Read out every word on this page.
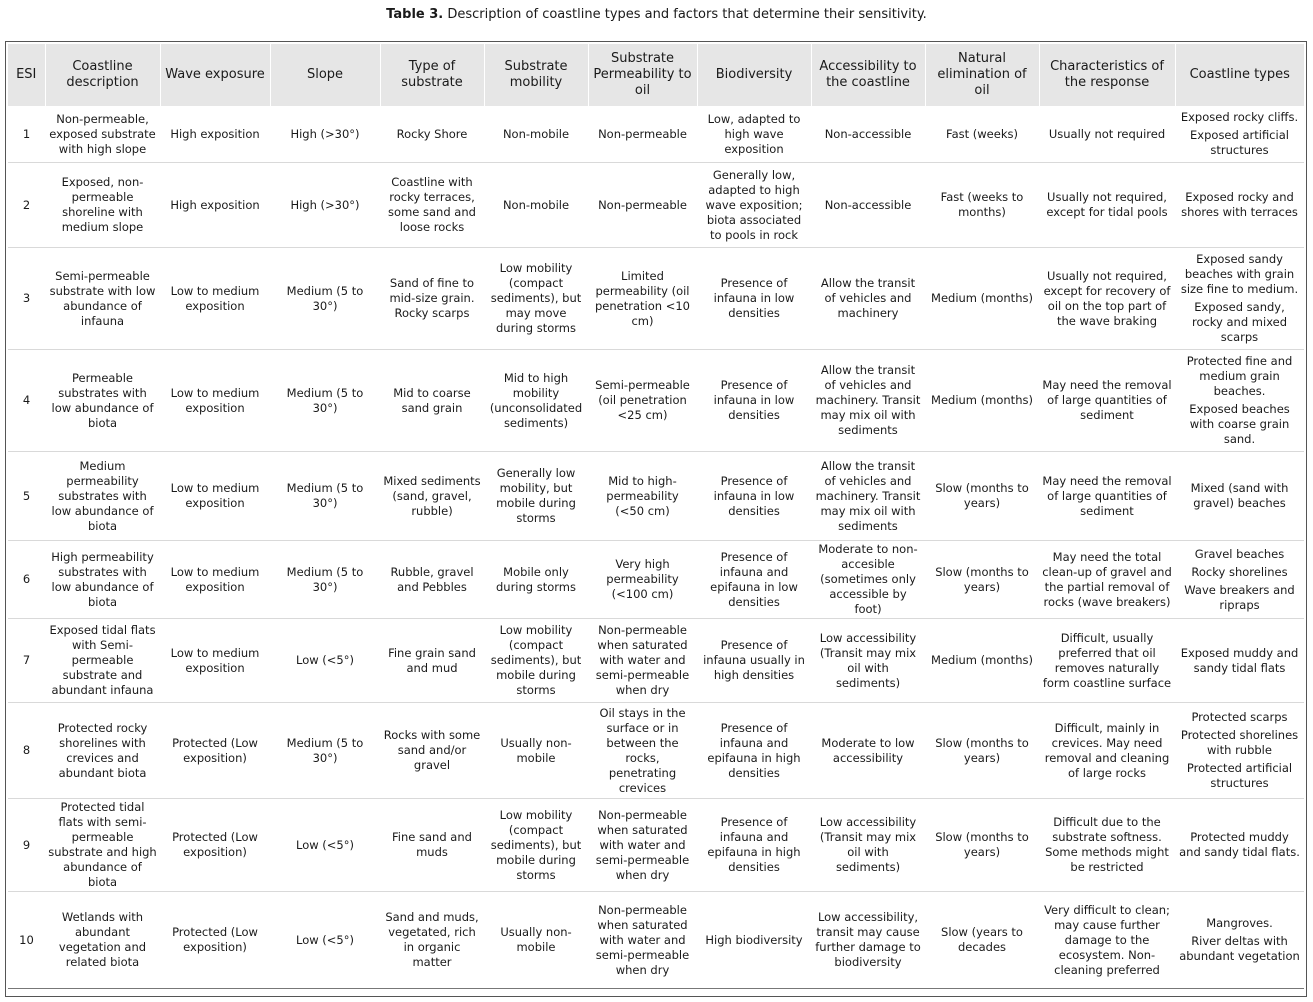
Table 3. Description of coastline types and factors that determine their sensitivity.
ESI	Coastline description	Wave exposure	Slope	Type of substrate	Substrate mobility	Substrate Permeability to oil	Biodiversity	Accessibility to the coastline	Natural elimination of oil	Characteristics of the response	Coastline types
1	Non-permeable, exposed substrate with high slope	High exposition	High (>30°)	Rocky Shore	Non-mobile	Non-permeable	Low, adapted to high wave exposition	Non-accessible	Fast (weeks)	Usually not required	Exposed rocky cliffs.
Exposed artificial structures

2	Exposed, non-permeable shoreline with medium slope	High exposition	High (>30°)	Coastline with rocky terraces, some sand and loose rocks	Non-mobile	Non-permeable	Generally low, adapted to high wave exposition; biota associated to pools in rock	Non-accessible	Fast (weeks to months)	Usually not required, except for tidal pools	Exposed rocky and shores with terraces

3	Semi-permeable substrate with low abundance of infauna	Low to medium exposition	Medium (5 to 30°)	Sand of fine to mid-size grain. Rocky scarps	Low mobility (compact sediments), but may move during storms	Limited permeability (oil penetration <10 cm)	Presence of infauna in low densities	Allow the transit of vehicles and machinery	Medium (months)	Usually not required, except for recovery of oil on the top part of the wave braking	Exposed sandy beaches with grain size fine to medium.
Exposed sandy, rocky and mixed scarps

4	Permeable substrates with low abundance of biota	Low to medium exposition	Medium (5 to 30°)	Mid to coarse sand grain	Mid to high mobility (unconsolidated sediments)	Semi-permeable (oil penetration <25 cm)	Presence of infauna in low densities	Allow the transit of vehicles and machinery. Transit may mix oil with sediments	Medium (months)	May need the removal of large quantities of sediment	Protected fine and medium grain beaches.
Exposed beaches with coarse grain sand.

5	Medium permeability substrates with low abundance of biota	Low to medium exposition	Medium (5 to 30°)	Mixed sediments (sand, gravel, rubble)	Generally low mobility, but mobile during storms	Mid to high-permeability (<50 cm)	Presence of infauna in low densities	Allow the transit of vehicles and machinery. Transit may mix oil with sediments	Slow (months to years)	May need the removal of large quantities of sediment	Mixed (sand with gravel) beaches

6	High permeability substrates with low abundance of biota	Low to medium exposition	Medium (5 to 30°)	Rubble, gravel and Pebbles	Mobile only during storms	Very high permeability (<100 cm)	Presence of infauna and epifauna in low densities	Moderate to non-accesible (sometimes only accessible by foot)	Slow (months to years)	May need the total clean-up of gravel and the partial removal of rocks (wave breakers)	Gravel beaches
Rocky shorelines
Wave breakers and ripraps

7	Exposed tidal flats with Semi-permeable substrate and abundant infauna	Low to medium exposition	Low (<5°)	Fine grain sand and mud	Low mobility (compact sediments), but mobile during storms	Non-permeable when saturated with water and semi-permeable when dry	Presence of infauna usually in high densities	Low accessibility (Transit may mix oil with sediments)	Medium (months)	Difficult, usually preferred that oil removes naturally form coastline surface	Exposed muddy and sandy tidal flats

8	Protected rocky shorelines with crevices and abundant biota	Protected (Low exposition)	Medium (5 to 30°)	Rocks with some sand and/or gravel	Usually non-mobile	Oil stays in the surface or in between the rocks, penetrating crevices	Presence of infauna and epifauna in high densities	Moderate to low accessibility	Slow (months to years)	Difficult, mainly in crevices. May need removal and cleaning of large rocks	Protected scarps
Protected shorelines with rubble
Protected artificial structures

9	Protected tidal flats with semi-permeable substrate and high abundance of biota	Protected (Low exposition)	Low (<5°)	Fine sand and muds	Low mobility (compact sediments), but mobile during storms	Non-permeable when saturated with water and semi-permeable when dry	Presence of infauna and epifauna in high densities	Low accessibility (Transit may mix oil with sediments)	Slow (months to years)	Difficult due to the substrate softness. Some methods might be restricted	Protected muddy and sandy tidal flats.

10	Wetlands with abundant vegetation and related biota	Protected (Low exposition)	Low (<5°)	Sand and muds, vegetated, rich in organic matter	Usually non-mobile	Non-permeable when saturated with water and semi-permeable when dry	High biodiversity	Low accessibility, transit may cause further damage to biodiversity	Slow (years to decades	Very difficult to clean; may cause further damage to the ecosystem. Non-cleaning preferred	Mangroves.
River deltas with abundant vegetation
